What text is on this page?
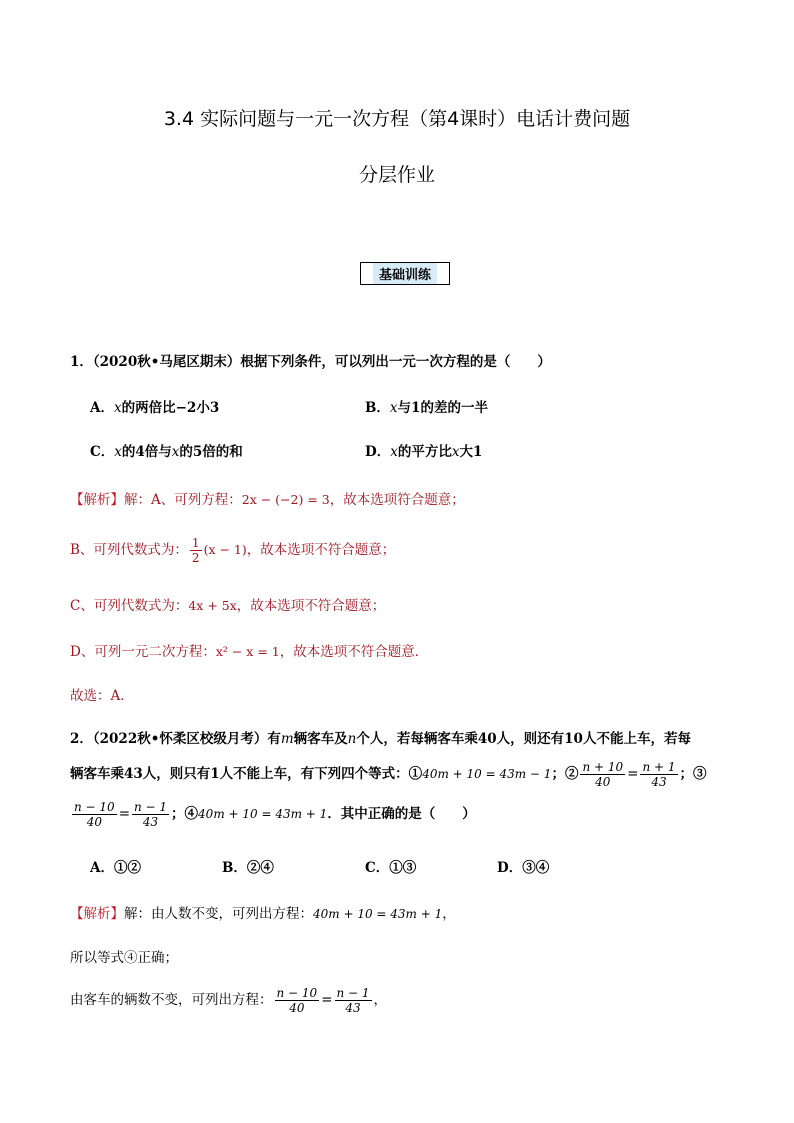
3.4 实际问题与一元一次方程（第4课时）电话计费问题
分层作业
基础训练
1．（2020秋•马尾区期末）根据下列条件，可以列出一元一次方程的是（　　）
A．x的两倍比−2小3	B．x与1的差的一半
C．x的4倍与x的5倍的和	D．x的平方比x大1
【解析】解：A、可列方程：2x − (−2) = 3，故本选项符合题意；
B、可列代数式为： $\frac{1}{2} (x - 1)$，故本选项不符合题意；
C、可列代数式为：4x + 5x，故本选项不符合题意；
D、可列一元二次方程：x² − x = 1，故本选项不符合题意．
故选：A．
2．（2022秋•怀柔区校级月考）有m辆客车及n个人，若每辆客车乘40人，则还有10人不能上车，若每
辆客车乘43人，则只有1人不能上车，有下列四个等式：①40m + 10 = 43m − 1；② $\frac{n + 10}{40} = \frac{n + 1}{43}$ ；③
$\frac{n - 10}{40} = \frac{n - 1}{43}$ ；④40m + 10 = 43m + 1．其中正确的是（　　）
A．①②	B．②④	C．①③	D．③④
【解析】解：由人数不变，可列出方程：40m + 10 = 43m + 1，
所以等式④正确；
由客车的辆数不变，可列出方程： $\frac{n - 10}{40} = \frac{n - 1}{43}$ ，
